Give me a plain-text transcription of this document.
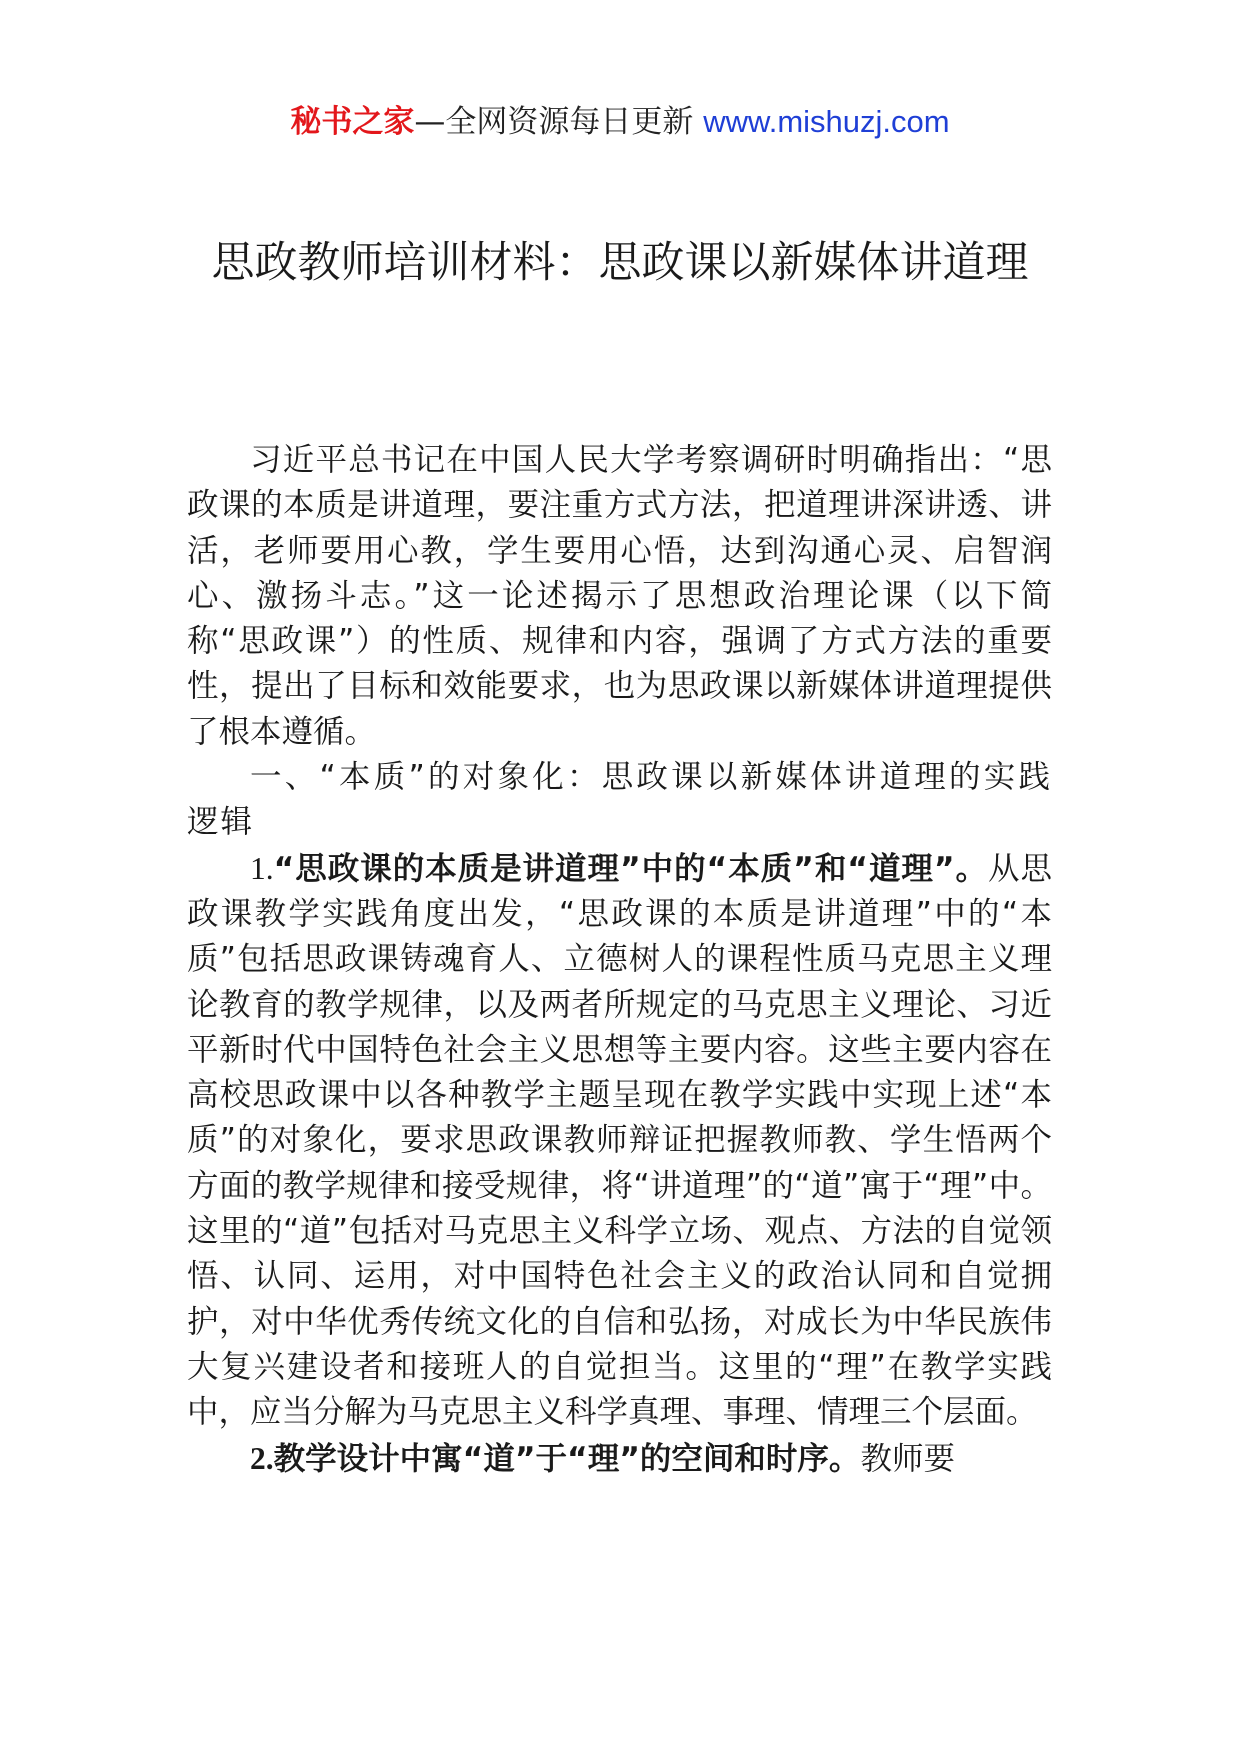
秘书之家—全网资源每日更新 www.mishuzj.com
思政教师培训材料：思政课以新媒体讲道理

习近平总书记在中国人民大学考察调研时明确指出：“思政课的本质是讲道理，要注重方式方法，把道理讲深讲透、讲活，老师要用心教，学生要用心悟，达到沟通心灵、启智润心、激扬斗志。”这一论述揭示了思想政治理论课（以下简称“思政课”）的性质、规律和内容，强调了方式方法的重要性，提出了目标和效能要求，也为思政课以新媒体讲道理提供了根本遵循。

一、“本质”的对象化：思政课以新媒体讲道理的实践逻辑

1.“思政课的本质是讲道理”中的“本质”和“道理”。从思政课教学实践角度出发，“思政课的本质是讲道理”中的“本质”包括思政课铸魂育人、立德树人的课程性质马克思主义理论教育的教学规律，以及两者所规定的马克思主义理论、习近平新时代中国特色社会主义思想等主要内容。这些主要内容在高校思政课中以各种教学主题呈现在教学实践中实现上述“本质”的对象化，要求思政课教师辩证把握教师教、学生悟两个方面的教学规律和接受规律，将“讲道理”的“道”寓于“理”中。这里的“道”包括对马克思主义科学立场、观点、方法的自觉领悟、认同、运用，对中国特色社会主义的政治认同和自觉拥护，对中华优秀传统文化的自信和弘扬，对成长为中华民族伟大复兴建设者和接班人的自觉担当。这里的“理”在教学实践中，应当分解为马克思主义科学真理、事理、情理三个层面。

2.教学设计中寓“道”于“理”的空间和时序。教师要
